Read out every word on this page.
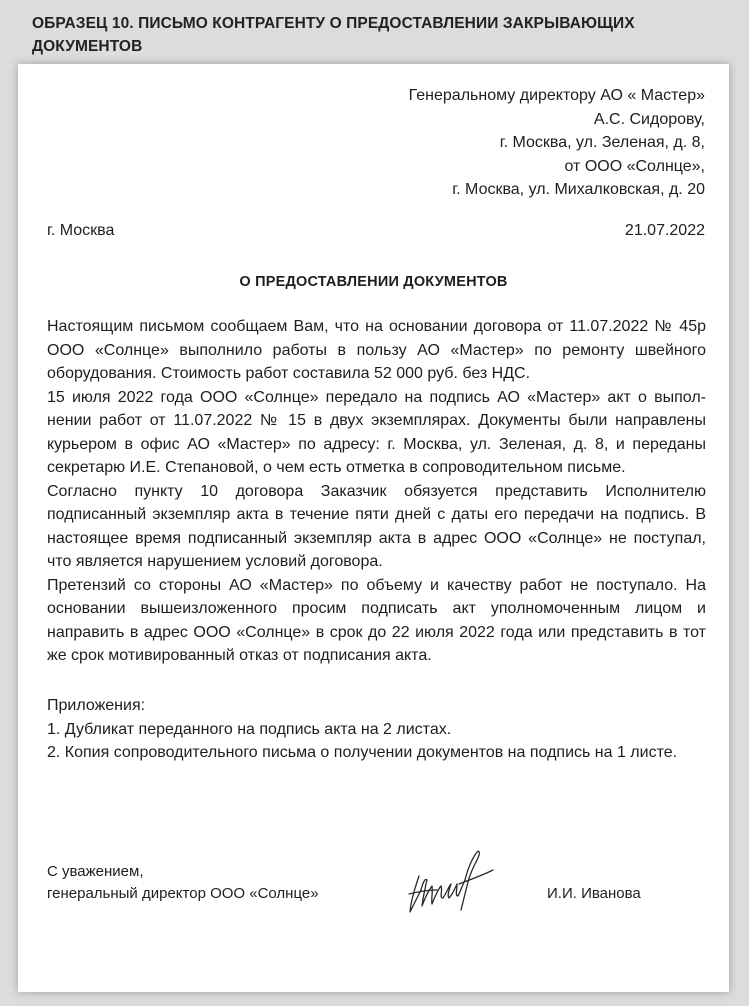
ОБРАЗЕЦ 10. ПИСЬМО КОНТРАГЕНТУ О ПРЕДОСТАВЛЕНИИ ЗАКРЫВАЮЩИХ ДОКУМЕНТОВ
Генеральному директору АО « Мастер»
А.С. Сидорову,
г. Москва, ул. Зеленая, д. 8,
от ООО «Солнце»,
г. Москва, ул. Михалковская, д. 20
г. Москва	21.07.2022
О ПРЕДОСТАВЛЕНИИ ДОКУМЕНТОВ

Настоящим письмом сообщаем Вам, что на основании договора от 11.07.2022 № 45р ООО «Солнце» выполнило работы в пользу АО «Мастер» по ремонту швейного оборудования. Стоимость работ составила 52 000 руб. без НДС.

15 июля 2022 года ООО «Солнце» передало на подпись АО «Мастер» акт о выполнении работ от 11.07.2022 № 15 в двух экземплярах. Документы были направлены курьером в офис АО «Мастер» по адресу: г. Москва, ул. Зеленая, д. 8, и переданы секретарю И.Е. Степановой, о чем есть отметка в сопроводительном письме.

Согласно пункту 10 договора Заказчик обязуется представить Исполнителю подписанный экземпляр акта в течение пяти дней с даты его передачи на подпись. В настоящее время подписанный экземпляр акта в адрес ООО «Солнце» не поступал, что является нарушением условий договора.

Претензий со стороны АО «Мастер» по объему и качеству работ не поступало. На основании вышеизложенного просим подписать акт уполномоченным лицом и направить в адрес ООО «Солнце» в срок до 22 июля 2022 года или представить в тот же срок мотивированный отказ от подписания акта.

Приложения:

1. Дубликат переданного на подпись акта на 2 листах.

2. Копия сопроводительного письма о получении документов на подпись на 1 листе.

С уважением,
генеральный директор ООО «Солнце»	И.И. Иванова
